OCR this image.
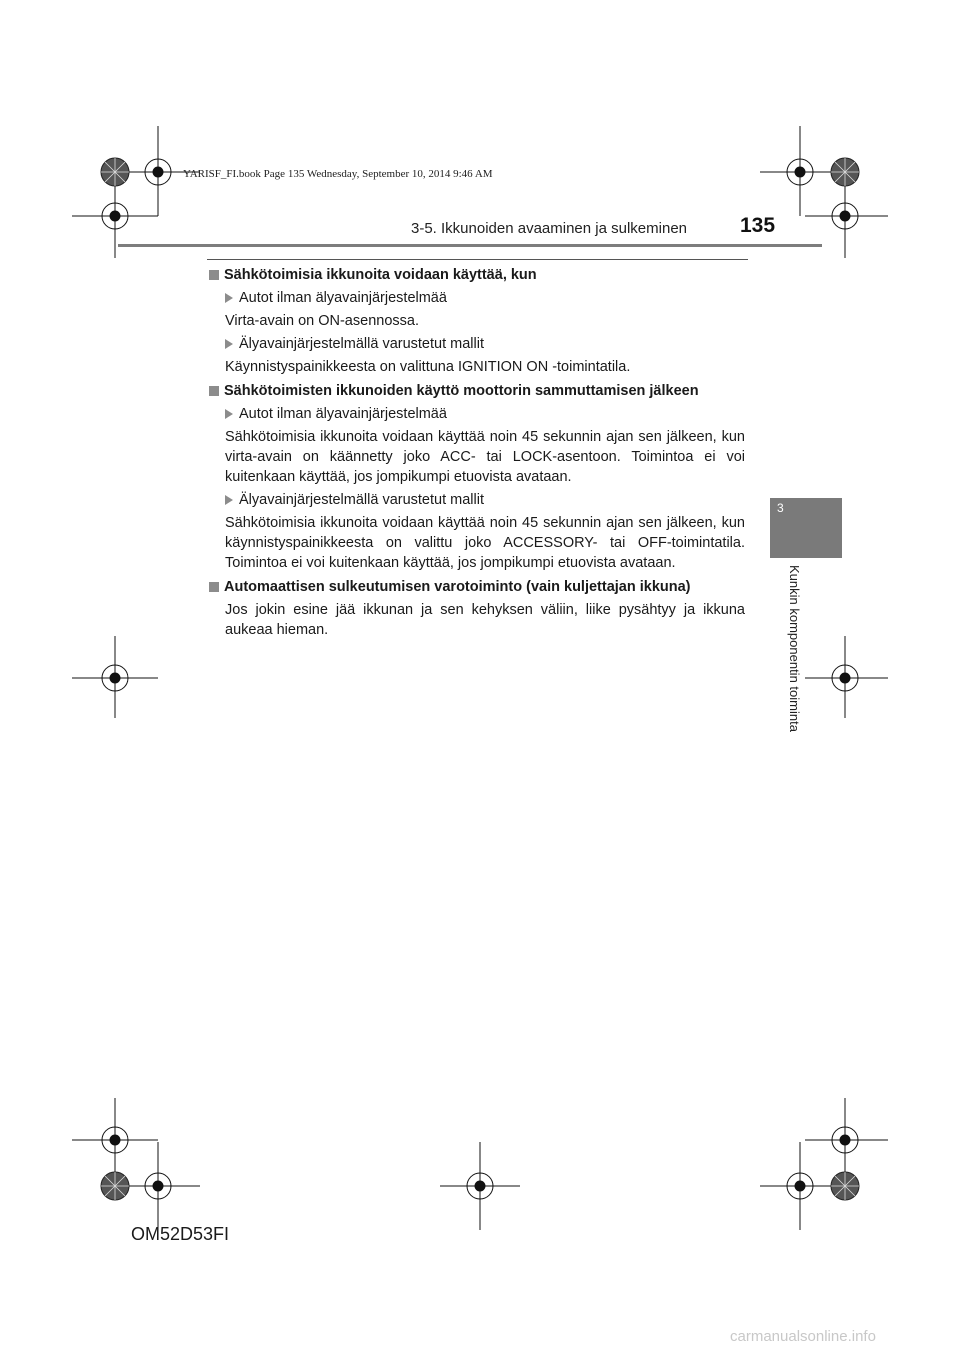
YARISF_FI.book Page 135 Wednesday, September 10, 2014 9:46 AM
3-5. Ikkunoiden avaaminen ja sulkeminen	135
Sähkötoimisia ikkunoita voidaan käyttää, kun
Autot ilman älyavainjärjestelmää
Virta-avain on ON-asennossa.
Älyavainjärjestelmällä varustetut mallit
Käynnistyspainikkeesta on valittuna IGNITION ON -toimintatila.
Sähkötoimisten ikkunoiden käyttö moottorin sammuttamisen jälkeen
Autot ilman älyavainjärjestelmää
Sähkötoimisia ikkunoita voidaan käyttää noin 45 sekunnin ajan sen jälkeen, kun virta-avain on käännetty joko ACC- tai LOCK-asentoon. Toimintoa ei voi kuitenkaan käyttää, jos jompikumpi etuovista avataan.
Älyavainjärjestelmällä varustetut mallit
Sähkötoimisia ikkunoita voidaan käyttää noin 45 sekunnin ajan sen jälkeen, kun käynnistyspainikkeesta on valittu joko ACCESSORY- tai OFF-toimintatila. Toimintoa ei voi kuitenkaan käyttää, jos jompikumpi etuovista avataan.
Automaattisen sulkeutumisen varotoiminto (vain kuljettajan ikkuna)
Jos jokin esine jää ikkunan ja sen kehyksen väliin, liike pysähtyy ja ikkuna aukeaa hieman.
3
Kunkin komponentin toiminta
OM52D53FI
carmanualsonline.info
